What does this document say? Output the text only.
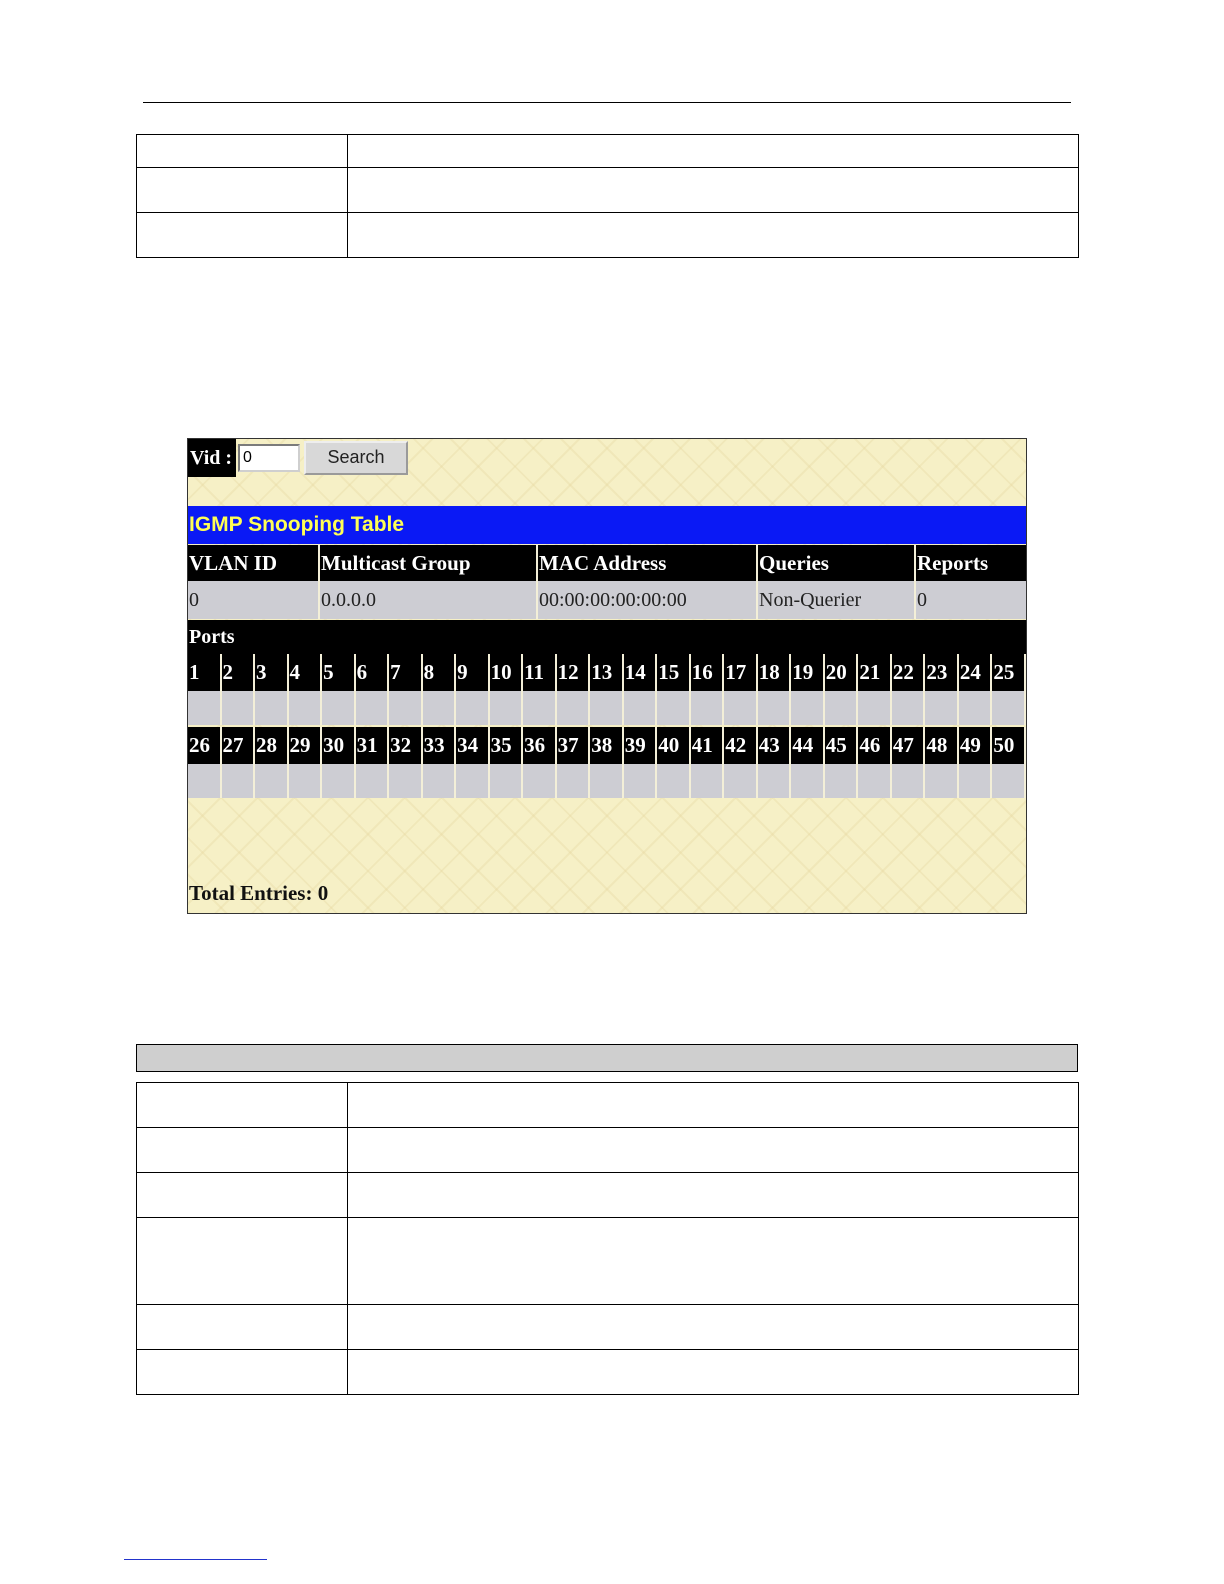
Vid :
0	Search
IGMP Snooping Table
VLAN ID	Multicast Group	MAC Address	Queries	Reports
0	0.0.0.0	00:00:00:00:00:00	Non-Querier	0
Ports
1	2	3	4	5	6	7	8	9	10 11 12 13 14 15 16 17 18 19 20 21 22 23 24 25
26 27 28 29 30 31 32 33 34 35 36 37 38 39 40 41 42 43 44 45 46 47 48 49 50
Total Entries: 0
